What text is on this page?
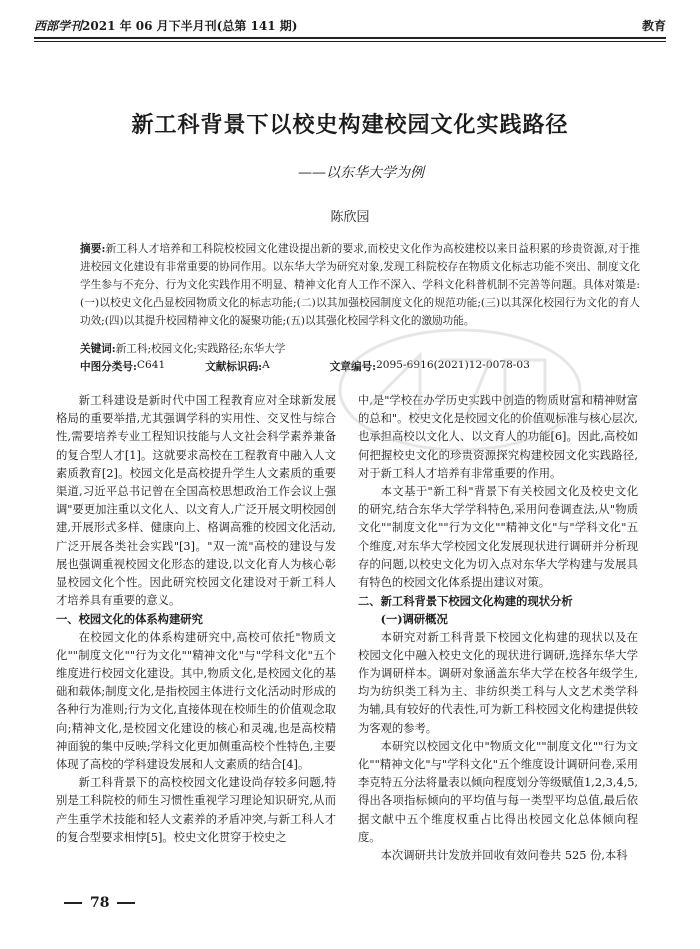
西部学刊2021 年 06 月下半月刊(总第 141 期)	教育
新工科背景下以校史构建校园文化实践路径
——以东华大学为例
陈欣园
摘要:新工科人才培养和工科院校校园文化建设提出新的要求,而校史文化作为高校建校以来日益积累的珍贵资源,对于推进校园文化建设有非常重要的协同作用。以东华大学为研究对象,发现工科院校存在物质文化标志功能不突出、制度文化学生参与不充分、行为文化实践作用不明显、精神文化育人工作不深入、学科文化科普机制不完善等问题。具体对策是:(一)以校史文化凸显校园物质文化的标志功能;(二)以其加强校园制度文化的规范功能;(三)以其深化校园行为文化的育人功效;(四)以其提升校园精神文化的凝聚功能;(五)以其强化校园学科文化的激励功能。
关键词:新工科;校园文化;实践路径;东华大学
中图分类号: C641	文献标识码: A	文章编号: 2095-6916(2021)12-0078-03

新工科建设是新时代中国工程教育应对全球新发展格局的重要举措,尤其强调学科的实用性、交叉性与综合性,需要培养专业工程知识技能与人文社会科学素养兼备的复合型人才[1]。这就要求高校在工程教育中融入人文素质教育[2]。校园文化是高校提升学生人文素质的重要渠道,习近平总书记曾在全国高校思想政治工作会议上强调"要更加注重以文化人、以文育人,广泛开展文明校园创建,开展形式多样、健康向上、格调高雅的校园文化活动,广泛开展各类社会实践"[3]。"双一流"高校的建设与发展也强调重视校园文化形态的建设,以文化育人为核心彰显校园文化个性。因此研究校园文化建设对于新工科人才培养具有重要的意义。

一、校园文化的体系构建研究

在校园文化的体系构建研究中,高校可依托"物质文化""制度文化""行为文化""精神文化"与"学科文化"五个维度进行校园文化建设。其中,物质文化,是校园文化的基础和载体;制度文化,是指校园主体进行文化活动时形成的各种行为准则;行为文化,直接体现在校师生的价值观念取向;精神文化,是校园文化建设的核心和灵魂,也是高校精神面貌的集中反映;学科文化更加侧重高校个性特色,主要体现了高校的学科建设发展和人文素质的结合[4]。

新工科背景下的高校校园文化建设尚存较多问题,特别是工科院校的师生习惯性重视学习理论知识研究,从而产生重学术技能和轻人文素养的矛盾冲突,与新工科人才的复合型要求相悖[5]。校史文化贯穿于校史之

中,是"学校在办学历史实践中创造的物质财富和精神财富的总和"。校史文化是校园文化的价值观标准与核心层次,也承担高校以文化人、以文育人的功能[6]。因此,高校如何把握校史文化的珍贵资源探究构建校园文化实践路径,对于新工科人才培养有非常重要的作用。

本文基于"新工科"背景下有关校园文化及校史文化的研究,结合东华大学学科特色,采用问卷调查法,从"物质文化""制度文化""行为文化""精神文化"与"学科文化"五个维度,对东华大学校园文化发展现状进行调研并分析现存的问题,以校史文化为切入点对东华大学构建与发展具有特色的校园文化体系提出建议对策。

二、新工科背景下校园文化构建的现状分析
(一)调研概况

本研究对新工科背景下校园文化构建的现状以及在校园文化中融入校史文化的现状进行调研,选择东华大学作为调研样本。调研对象涵盖东华大学在校各年级学生,均为纺织类工科为主、非纺织类工科与人文艺术类学科为辅,具有较好的代表性,可为新工科校园文化构建提供较为客观的参考。

本研究以校园文化中"物质文化""制度文化""行为文化""精神文化"与"学科文化"五个维度设计调研问卷,采用李克特五分法将量表以倾向程度划分等级赋值1,2,3,4,5,得出各项指标倾向的平均值与每一类型平均总值,最后依据文献中五个维度权重占比得出校园文化总体倾向程度。

本次调研共计发放并回收有效问卷共 525 份,本科

78
